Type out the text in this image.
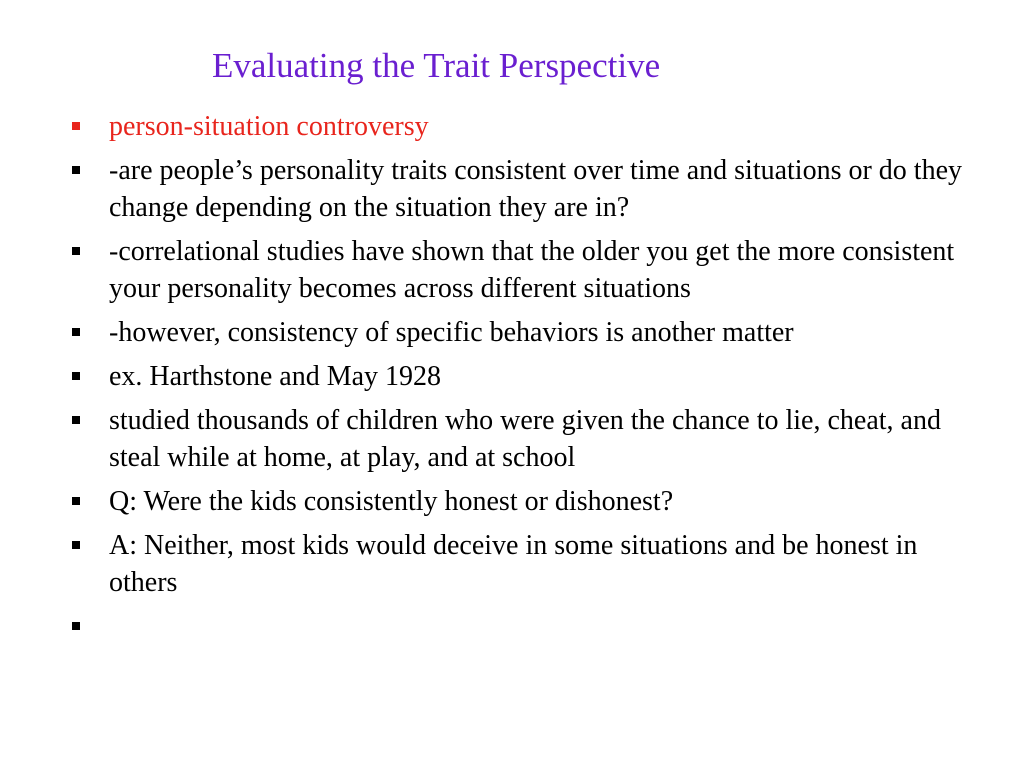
Evaluating the Trait Perspective
person-situation controversy
-are people’s personality traits consistent over time and situations or do they change depending on the situation they are in?
-correlational studies have shown that the older you get the more consistent your personality becomes across different situations
-however, consistency of specific behaviors is another matter
ex. Harthstone and May 1928
studied thousands of children who were given the chance to lie, cheat, and steal while at home, at play, and at school
Q: Were the kids consistently honest or dishonest?
A: Neither, most kids would deceive in some situations and be honest in others
